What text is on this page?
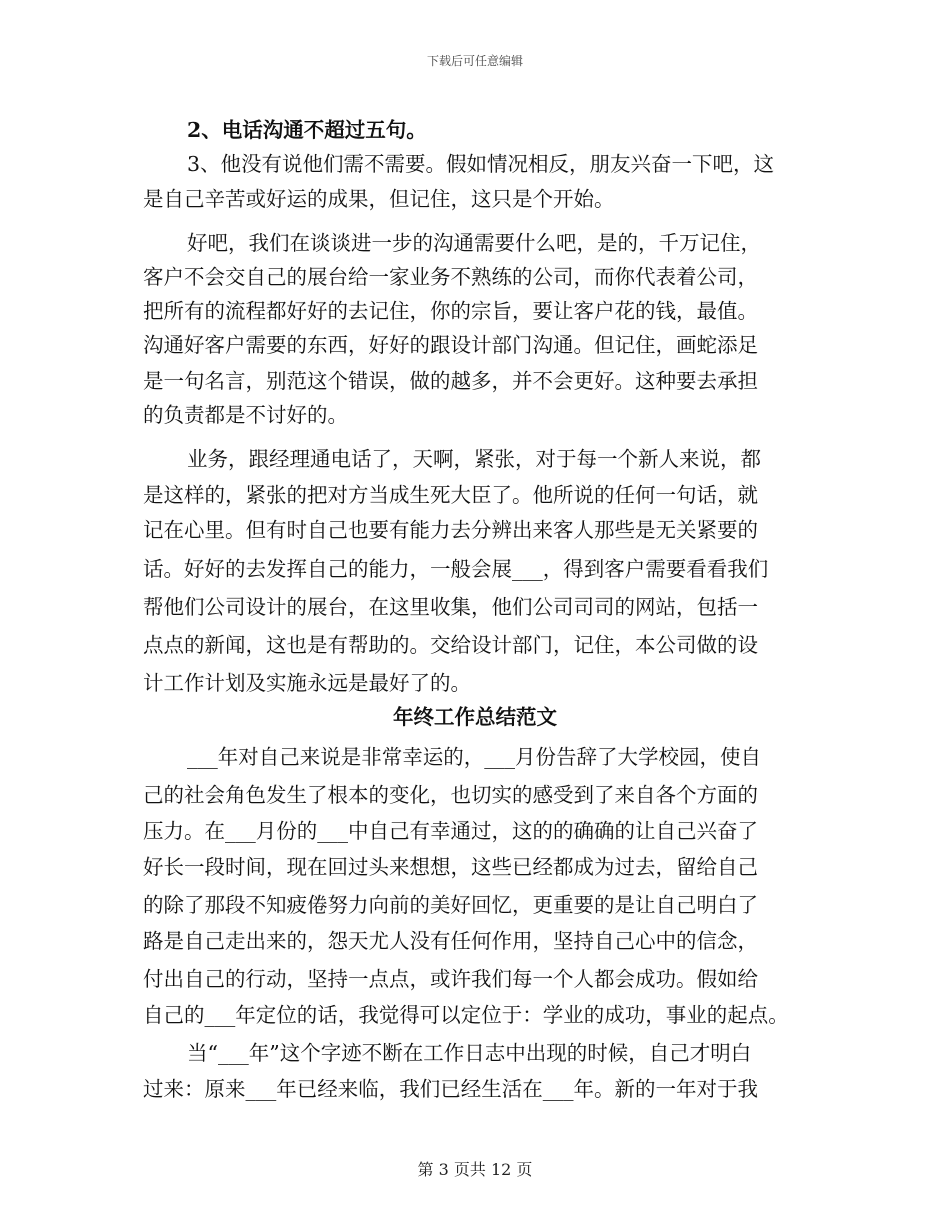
下载后可任意编辑
2、电话沟通不超过五句。
3、他没有说他们需不需要。假如情况相反，朋友兴奋一下吧，这
是自己辛苦或好运的成果，但记住，这只是个开始。
好吧，我们在谈谈进一步的沟通需要什么吧，是的，千万记住，
客户不会交自己的展台给一家业务不熟练的公司，而你代表着公司，
把所有的流程都好好的去记住，你的宗旨，要让客户花的钱，最值。
沟通好客户需要的东西，好好的跟设计部门沟通。但记住，画蛇添足
是一句名言，别范这个错误，做的越多，并不会更好。这种要去承担
的负责都是不讨好的。
业务，跟经理通电话了，天啊，紧张，对于每一个新人来说，都
是这样的，紧张的把对方当成生死大臣了。他所说的任何一句话，就
记在心里。但有时自己也要有能力去分辨出来客人那些是无关紧要的
话。好好的去发挥自己的能力，一般会展___，得到客户需要看看我们
帮他们公司设计的展台，在这里收集，他们公司司司的网站，包括一
点点的新闻，这也是有帮助的。交给设计部门，记住，本公司做的设
计工作计划及实施永远是最好了的。
年终工作总结范文
___年对自己来说是非常幸运的，___月份告辞了大学校园，使自
己的社会角色发生了根本的变化，也切实的感受到了来自各个方面的
压力。在___月份的___中自己有幸通过，这的的确确的让自己兴奋了
好长一段时间，现在回过头来想想，这些已经都成为过去，留给自己
的除了那段不知疲倦努力向前的美好回忆，更重要的是让自己明白了
路是自己走出来的，怨天尤人没有任何作用，坚持自己心中的信念，
付出自己的行动，坚持一点点，或许我们每一个人都会成功。假如给
自己的___年定位的话，我觉得可以定位于：学业的成功，事业的起点。
当“___年”这个字迹不断在工作日志中出现的时候，自己才明白
过来：原来___年已经来临，我们已经生活在___年。新的一年对于我
第 3 页共 12 页
